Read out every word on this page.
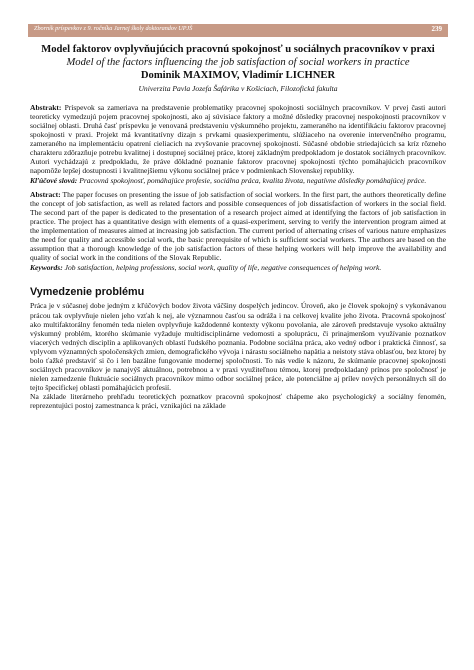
Zborník príspevkov z 9. ročníka Jarnej školy doktorandov UPJŠ	239

Model faktorov ovplyvňujúcich pracovnú spokojnosť u sociálnych pracovníkov v praxi

Model of the factors influencing the job satisfaction of social workers in practice

Dominik MAXIMOV, Vladimír LICHNER

Univerzita Pavla Jozefa Šafárika v Košiciach, Filozofická fakulta

Abstrakt: Príspevok sa zameriava na predstavenie problematiky pracovnej spokojnosti sociálnych pracovníkov. V prvej časti autori teoreticky vymedzujú pojem pracovnej spokojnosti, ako aj súvisiace faktory a možné dôsledky pracovnej nespokojnosti pracovníkov v sociálnej oblasti. Druhá časť príspevku je venovaná predstaveniu výskumného projektu, zameraného na identifikáciu faktorov pracovnej spokojnosti v praxi. Projekt má kvantitatívny dizajn s prvkami quasiexperimentu, slúžiaceho na overenie intervenčného programu, zameraného na implementáciu opatrení cieliacich na zvyšovanie pracovnej spokojnosti. Súčasné obdobie striedajúcich sa kríz rôzneho charakteru zdôrazňuje potrebu kvalitnej i dostupnej sociálnej práce, ktorej základným predpokladom je dostatok sociálnych pracovníkov. Autori vychádzajú z predpokladu, že práve dôkladné poznanie faktorov pracovnej spokojnosti týchto pomáhajúcich pracovníkov napomôže lepšej dostupnosti i kvalitnejšiemu výkonu sociálnej práce v podmienkach Slovenskej republiky.

Kľúčové slová: Pracovná spokojnosť, pomáhajúce profesie, sociálna práca, kvalita života, negatívne dôsledky pomáhajúcej práce.

Abstract: The paper focuses on presenting the issue of job satisfaction of social workers. In the first part, the authors theoretically define the concept of job satisfaction, as well as related factors and possible consequences of job dissatisfaction of workers in the social field. The second part of the paper is dedicated to the presentation of a research project aimed at identifying the factors of job satisfaction in practice. The project has a quantitative design with elements of a quasi-experiment, serving to verify the intervention program aimed at the implementation of measures aimed at increasing job satisfaction. The current period of alternating crises of various nature emphasizes the need for quality and accessible social work, the basic prerequisite of which is sufficient social workers. The authors are based on the assumption that a thorough knowledge of the job satisfaction factors of these helping workers will help improve the availability and quality of social work in the conditions of the Slovak Republic.

Keywords: Job satisfaction, helping professions, social work, quality of life, negative consequences of helping work.

Vymedzenie problému

Práca je v súčasnej dobe jedným z kľúčových bodov života väčšiny dospelých jedincov. Úroveň, ako je človek spokojný s vykonávanou prácou tak ovplyvňuje nielen jeho vzťah k nej, ale významnou časťou sa odráža i na celkovej kvalite jeho života. Pracovná spokojnosť ako multifaktorálny fenomén teda nielen ovplyvňuje každodenné kontexty výkonu povolania, ale zároveň predstavuje vysoko aktuálny výskumný problém, ktorého skúmanie vyžaduje multidisciplinárne vedomosti a spoluprácu, či prinajmenšom využívanie poznatkov viacerých vedných disciplín a aplikovaných oblastí ľudského poznania. Podobne sociálna práca, ako vedný odbor i praktická činnosť, sa vplyvom významných spoločenských zmien, demografického vývoja i nárastu sociálneho napätia a neistoty stáva oblasťou, bez ktorej by bolo ťažké predstaviť si čo i len bazálne fungovanie modernej spoločnosti. To nás vedie k názoru, že skúmanie pracovnej spokojnosti sociálnych pracovníkov je nanajvýš aktuálnou, potrebnou a v praxi využiteľnou témou, ktorej predpokladaný prínos pre spoločnosť je nielen zamedzenie fluktuácie sociálnych pracovníkov mimo odbor sociálnej práce, ale potenciálne aj prílev nových personálnych síl do tejto špecifickej oblasti pomáhajúcich profesií.

Na základe literárneho prehľadu teoretických poznatkov pracovnú spokojnosť chápeme ako psychologický a sociálny fenomén, reprezentujúci postoj zamestnanca k práci, vznikajúci na základe
